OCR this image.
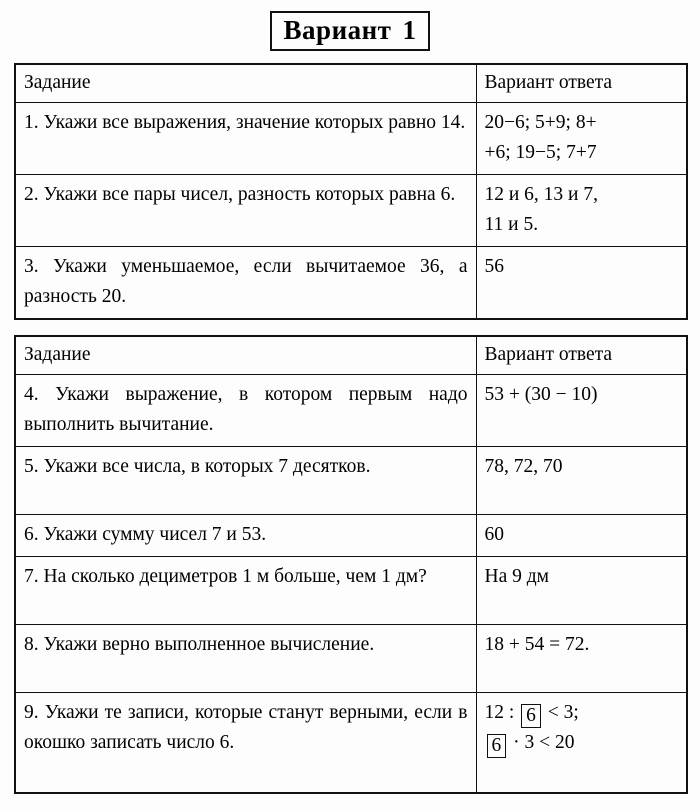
Вариант 1
Задание	Вариант ответа

1. Укажи все выражения, значение которых равно 14.	20−6; 5+9; 8+
+6; 19−5; 7+7

2. Укажи все пары чисел, разность которых равна 6.	12 и 6, 13 и 7,
11 и 5.

3. Укажи уменьшаемое, если вычитаемое 36, а разность 20.	56
Задание	Вариант ответа

4. Укажи выражение, в котором первым надо выполнить вычитание.	53 + (30 − 10)

5. Укажи все числа, в которых 7 десятков.	78, 72, 70

6. Укажи сумму чисел 7 и 53.	60

7. На сколько дециметров 1 м больше, чем 1 дм?	На 9 дм

8. Укажи верно выполненное вычисление.	18 + 54 = 72.

9. Укажи те записи, которые станут верными, если в окошко записать число 6.	12 : 6 < 3;
6 · 3 < 20
